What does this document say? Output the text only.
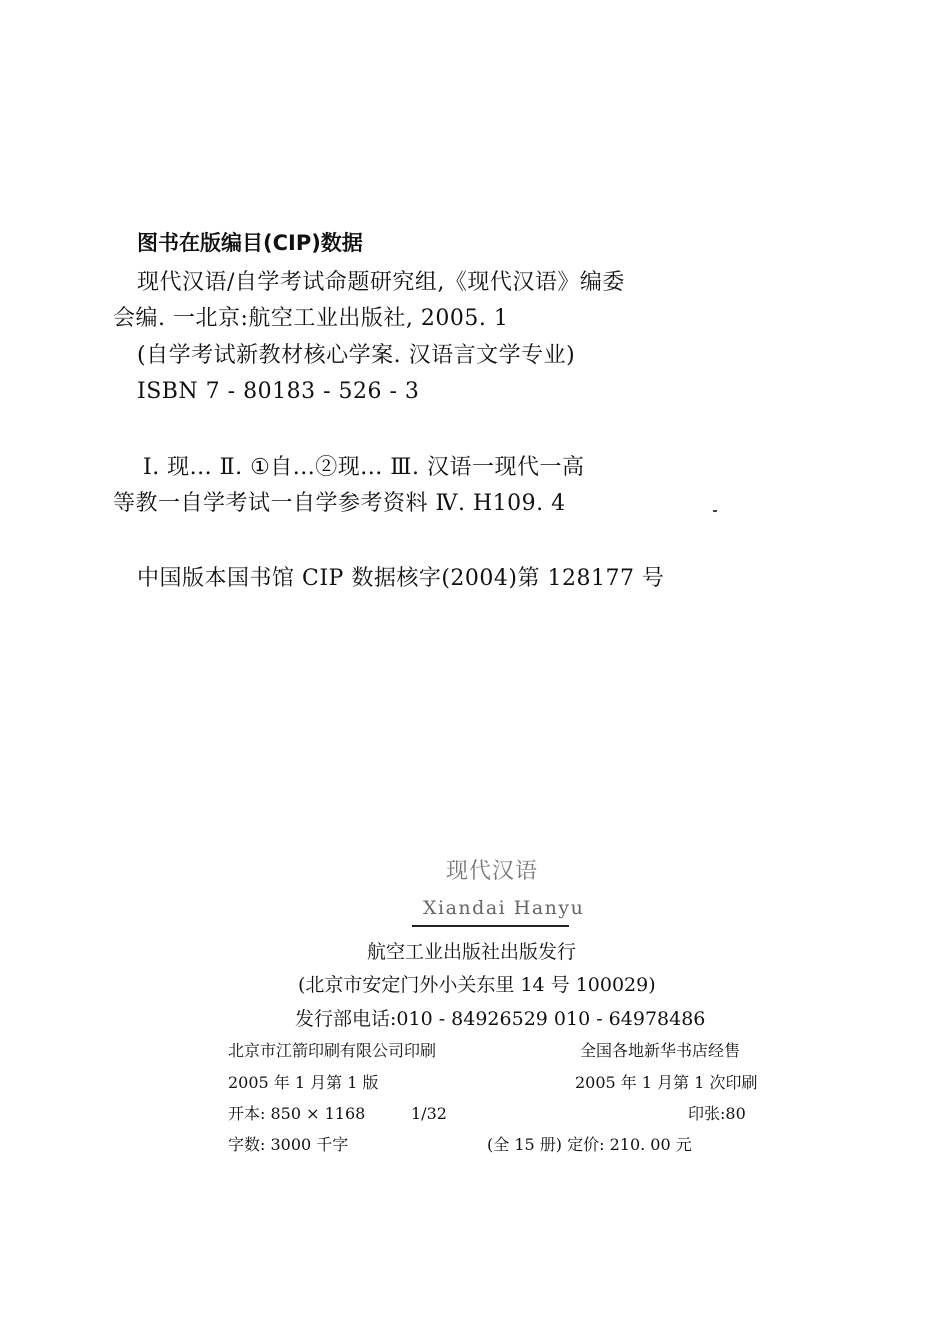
图书在版编目(CIP)数据
现代汉语/自学考试命题研究组,《现代汉语》编委
会编. 一北京:航空工业出版社, 2005. 1
(自学考试新教材核心学案. 汉语言文学专业)
ISBN 7 - 80183 - 526 - 3
Ⅰ. 现... Ⅱ. ①自...②现... Ⅲ. 汉语一现代一高
等教一自学考试一自学参考资料 Ⅳ. H109. 4
中国版本国书馆 CIP 数据核字(2004)第 128177 号
现代汉语
Xiandai Hanyu
航空工业出版社出版发行
(北京市安定门外小关东里 14 号 100029)
发行部电话:010 - 84926529 010 - 64978486
北京市江箭印刷有限公司印刷	全国各地新华书店经售
2005 年 1 月第 1 版	2005 年 1 月第 1 次印刷
开本: 850 × 1168	1/32	印张:80
字数: 3000 千字	(全 15 册) 定价: 210. 00 元
